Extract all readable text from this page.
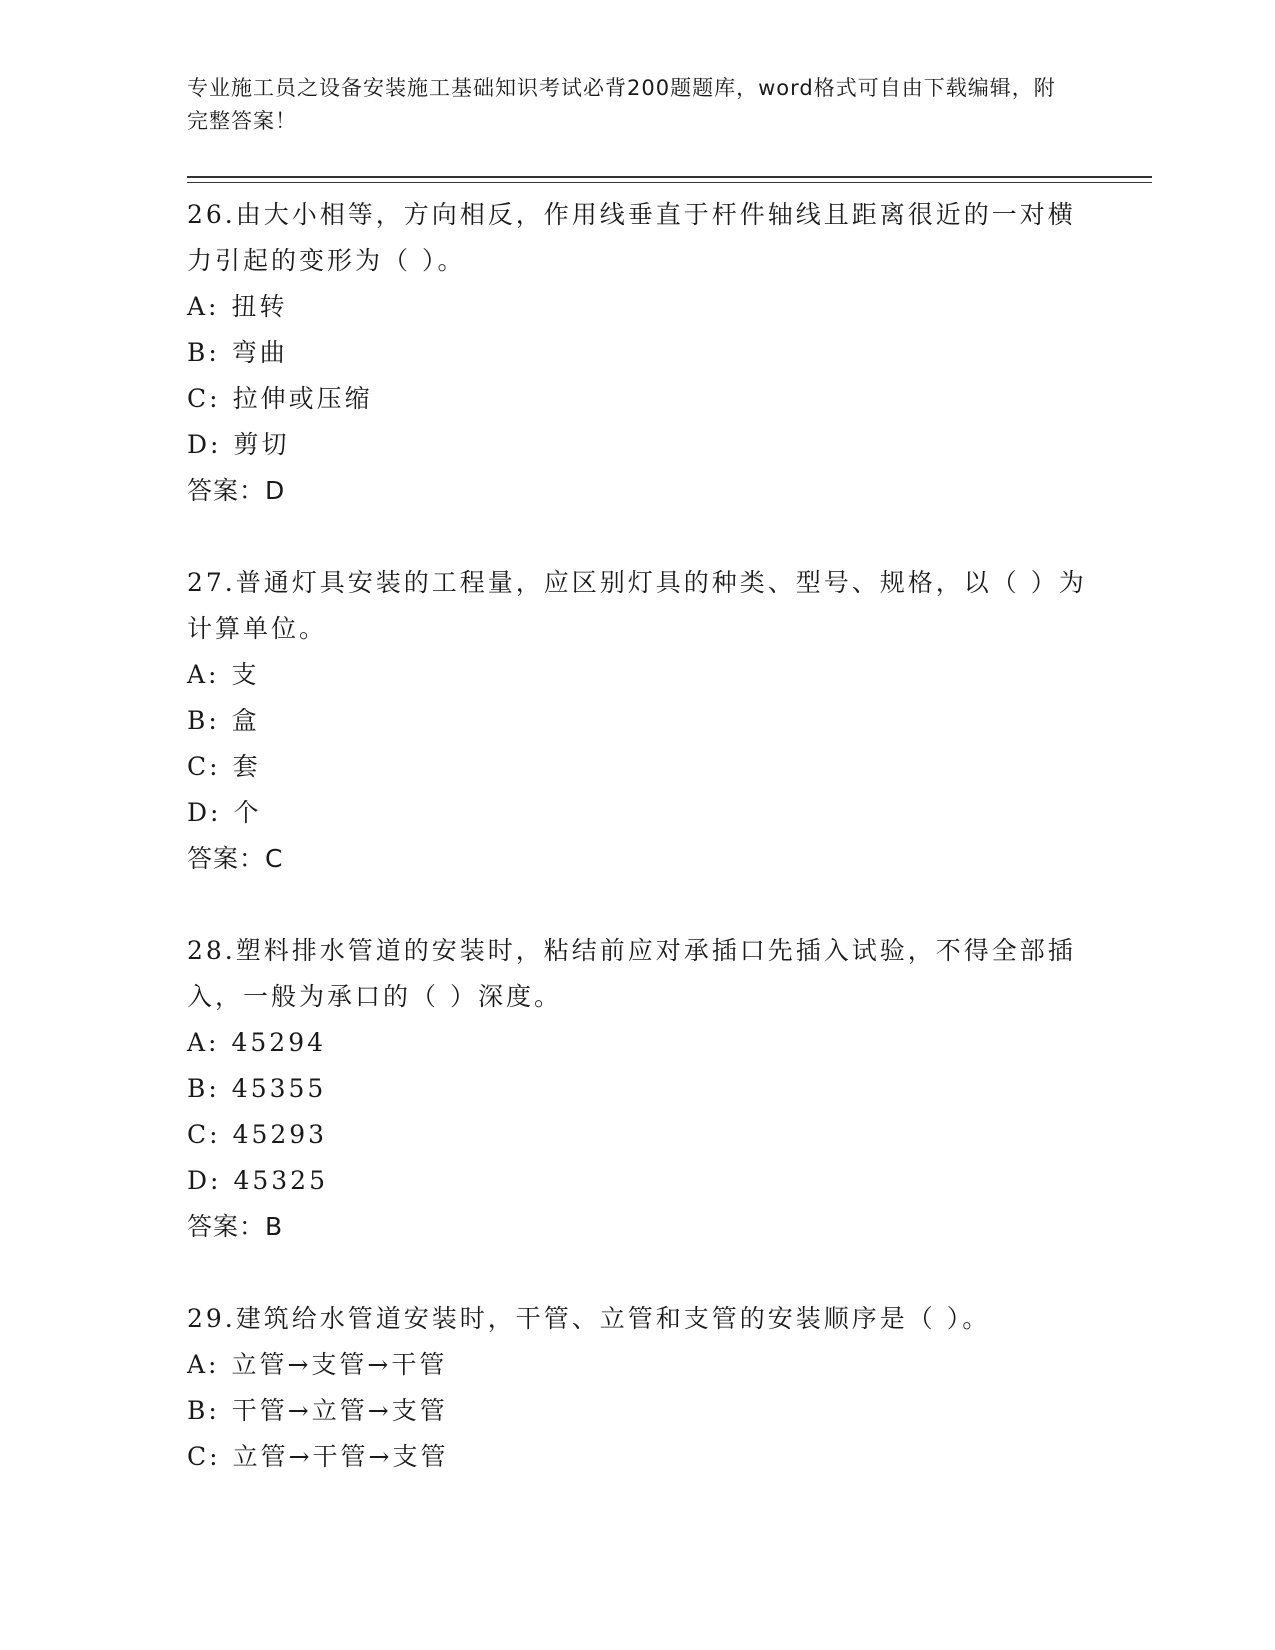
专业施工员之设备安装施工基础知识考试必背200题题库，word格式可自由下载编辑，附完整答案！

26.由大小相等，方向相反，作用线垂直于杆件轴线且距离很近的一对横力引起的变形为（ ）。

A: 扭转
B: 弯曲
C: 拉伸或压缩
D: 剪切
答案：D

27.普通灯具安装的工程量，应区别灯具的种类、型号、规格，以（ ）为计算单位。

A: 支
B: 盒
C: 套
D: 个
答案：C

28.塑料排水管道的安装时，粘结前应对承插口先插入试验，不得全部插入，一般为承口的（ ）深度。

A: 45294
B: 45355
C: 45293
D: 45325
答案：B

29.建筑给水管道安装时，干管、立管和支管的安装顺序是（ ）。

A: 立管→支管→干管
B: 干管→立管→支管
C: 立管→干管→支管
